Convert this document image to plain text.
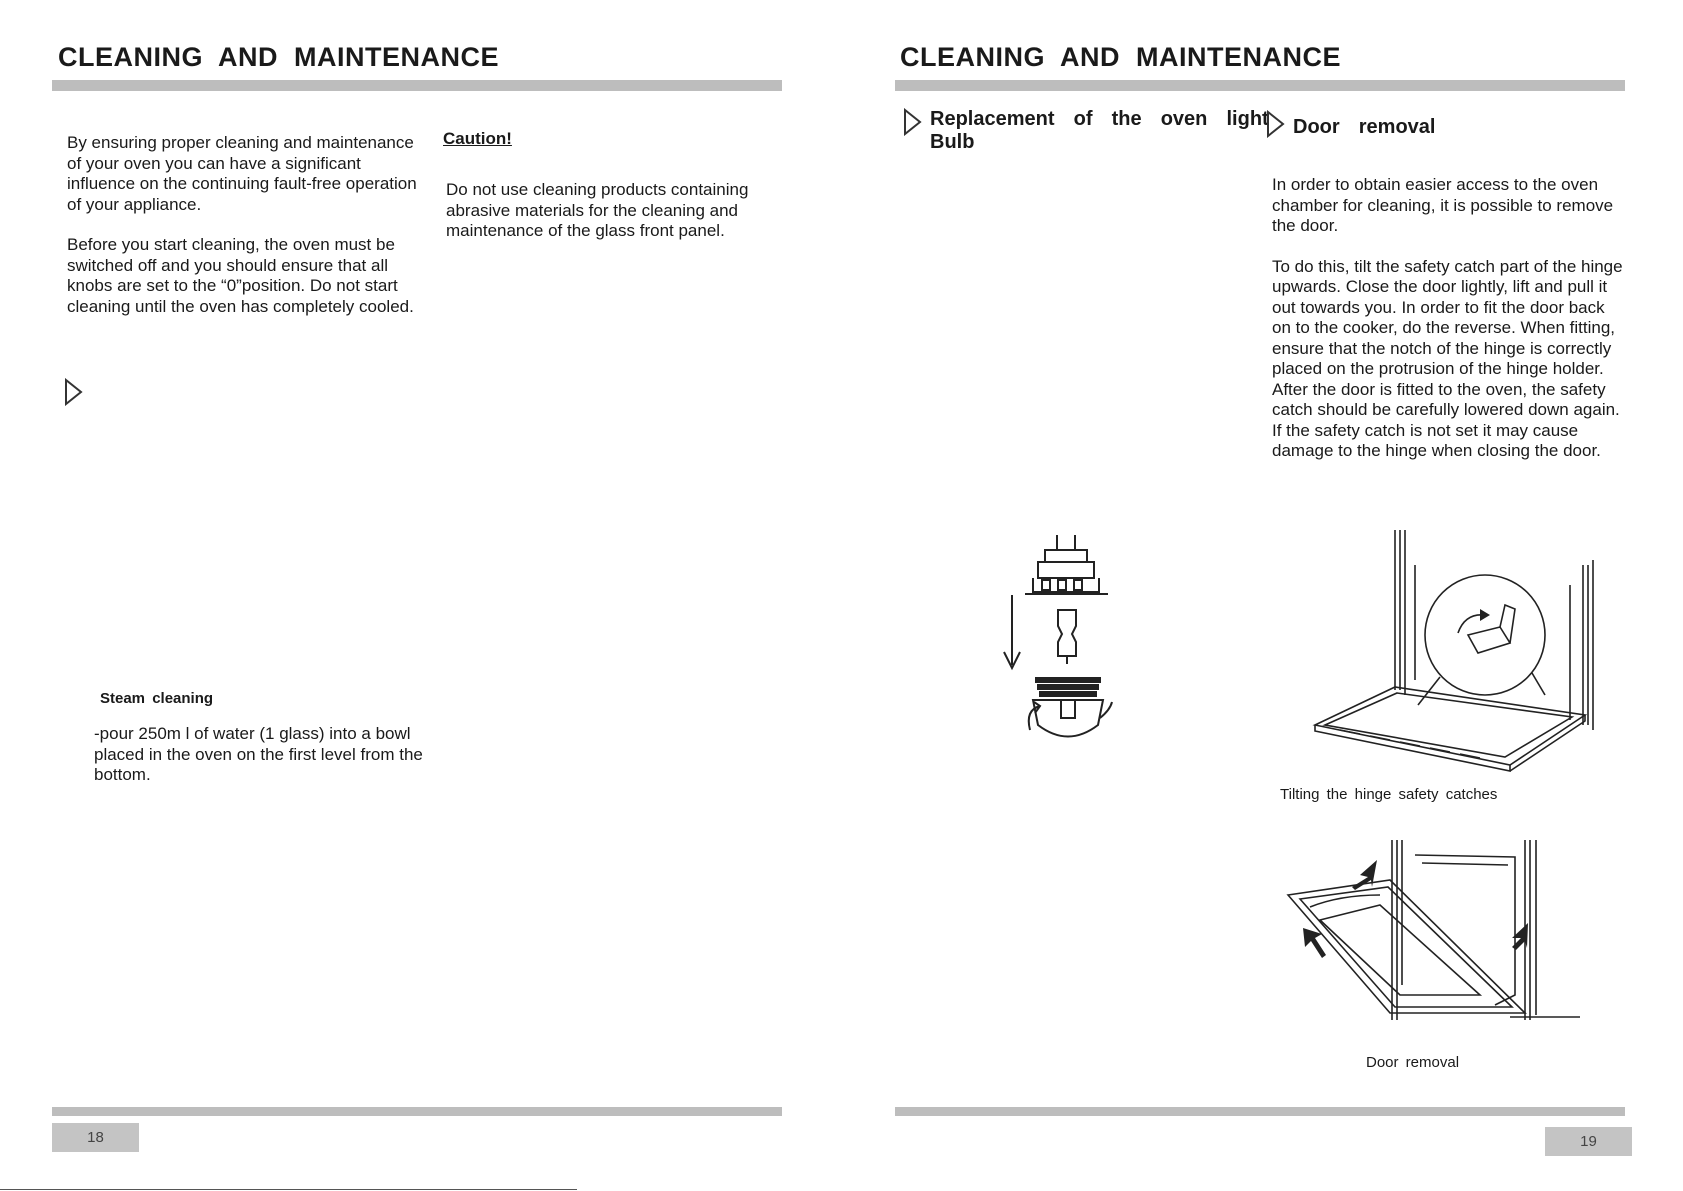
CLEANING AND MAINTENANCE

By ensuring proper cleaning and maintenance of your oven you can have a significant influence on the continuing fault-free operation of your appliance.

Before you start cleaning, the oven must be switched off and you should ensure that all knobs are set to the “0”position. Do not start cleaning until the oven has completely cooled.

Caution!
Do not use cleaning products containing abrasive materials for the cleaning and maintenance of the glass front panel.
Steam cleaning
-pour 250m l of water (1 glass) into a bowl placed in the oven on the first level from the bottom.
18
CLEANING AND MAINTENANCE
Replacement  of  the  oven  light
Bulb
Door  removal

In order to obtain easier access to the oven chamber for cleaning, it is possible to remove the door.

To do this, tilt the safety catch part of the hinge upwards. Close the door lightly, lift and pull it out towards you. In order to fit the door back on to the cooker, do the reverse. When fitting, ensure that the notch of the hinge is correctly placed on the protrusion of the hinge holder. After the door is fitted to the oven, the safety catch should be carefully lowered down again. If the safety catch is not set it may cause damage to the hinge when closing the door.

Tilting the hinge safety catches
Door removal
19
